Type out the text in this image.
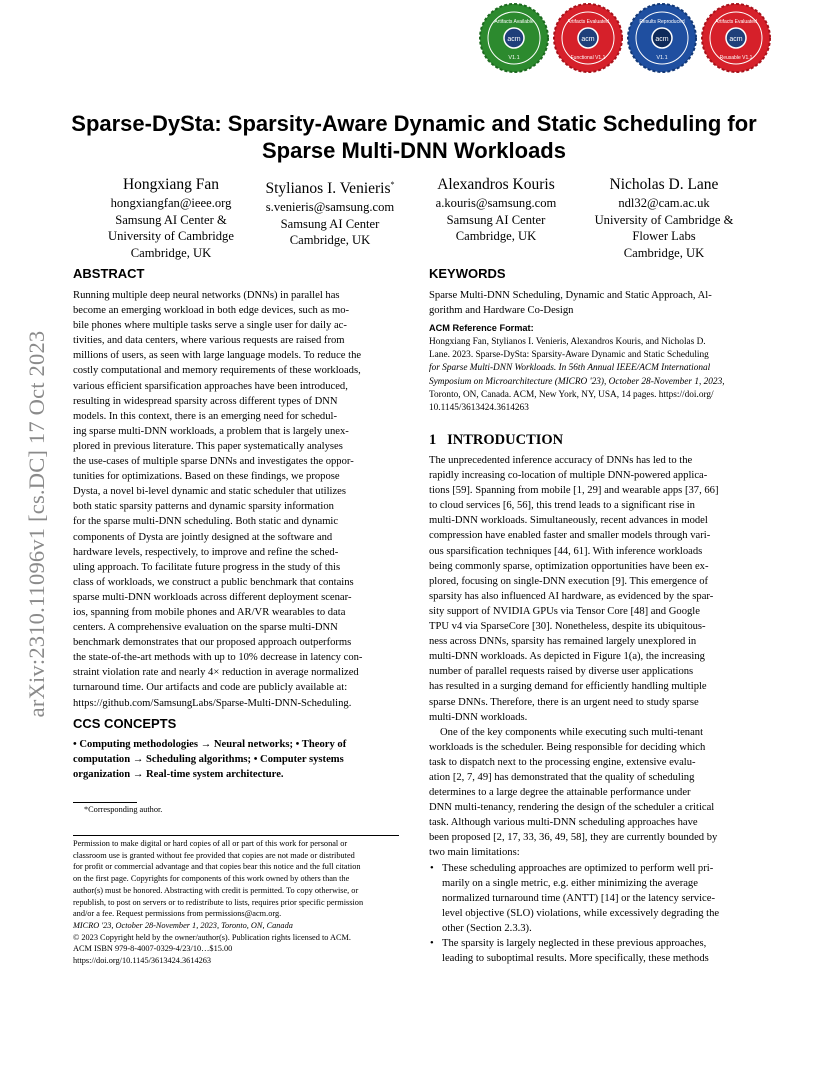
acm
Artifacts Available
V1.1
acm
Artifacts Evaluated
Functional V1.1
acm
Results Reproduced
V1.1
acm
Artifacts Evaluated
Reusable V1.1
arXiv:2310.11096v1 [cs.DC] 17 Oct 2023
Sparse-DySta: Sparsity-Aware Dynamic and Static Scheduling for
Sparse Multi-DNN Workloads
Hongxiang Fan
hongxiangfan@ieee.org
Samsung AI Center &
University of Cambridge
Cambridge, UK
Stylianos I. Venieris*
s.venieris@samsung.com
Samsung AI Center
Cambridge, UK
Alexandros Kouris
a.kouris@samsung.com
Samsung AI Center
Cambridge, UK
Nicholas D. Lane
ndl32@cam.ac.uk
University of Cambridge &
Flower Labs
Cambridge, UK
ABSTRACT
Running multiple deep neural networks (DNNs) in parallel has
become an emerging workload in both edge devices, such as mo-
bile phones where multiple tasks serve a single user for daily ac-
tivities, and data centers, where various requests are raised from
millions of users, as seen with large language models. To reduce the
costly computational and memory requirements of these workloads,
various efficient sparsification approaches have been introduced,
resulting in widespread sparsity across different types of DNN
models. In this context, there is an emerging need for schedul-
ing sparse multi-DNN workloads, a problem that is largely unex-
plored in previous literature. This paper systematically analyses
the use-cases of multiple sparse DNNs and investigates the oppor-
tunities for optimizations. Based on these findings, we propose
Dysta, a novel bi-level dynamic and static scheduler that utilizes
both static sparsity patterns and dynamic sparsity information
for the sparse multi-DNN scheduling. Both static and dynamic
components of Dysta are jointly designed at the software and
hardware levels, respectively, to improve and refine the sched-
uling approach. To facilitate future progress in the study of this
class of workloads, we construct a public benchmark that contains
sparse multi-DNN workloads across different deployment scenar-
ios, spanning from mobile phones and AR/VR wearables to data
centers. A comprehensive evaluation on the sparse multi-DNN
benchmark demonstrates that our proposed approach outperforms
the state-of-the-art methods with up to 10% decrease in latency con-
straint violation rate and nearly 4× reduction in average normalized
turnaround time. Our artifacts and code are publicly available at:
https://github.com/SamsungLabs/Sparse-Multi-DNN-Scheduling.
CCS CONCEPTS
• Computing methodologies → Neural networks; • Theory of
computation → Scheduling algorithms; • Computer systems
organization → Real-time system architecture.
*Corresponding author.
Permission to make digital or hard copies of all or part of this work for personal or
classroom use is granted without fee provided that copies are not made or distributed
for profit or commercial advantage and that copies bear this notice and the full citation
on the first page. Copyrights for components of this work owned by others than the
author(s) must be honored. Abstracting with credit is permitted. To copy otherwise, or
republish, to post on servers or to redistribute to lists, requires prior specific permission
and/or a fee. Request permissions from permissions@acm.org.
MICRO '23, October 28-November 1, 2023, Toronto, ON, Canada
© 2023 Copyright held by the owner/author(s). Publication rights licensed to ACM.
ACM ISBN 979-8-4007-0329-4/23/10…$15.00
https://doi.org/10.1145/3613424.3614263
KEYWORDS
Sparse Multi-DNN Scheduling, Dynamic and Static Approach, Al-
gorithm and Hardware Co-Design
ACM Reference Format:
Hongxiang Fan, Stylianos I. Venieris, Alexandros Kouris, and Nicholas D.
Lane. 2023. Sparse-DySta: Sparsity-Aware Dynamic and Static Scheduling
for Sparse Multi-DNN Workloads. In 56th Annual IEEE/ACM International
Symposium on Microarchitecture (MICRO '23), October 28-November 1, 2023,
Toronto, ON, Canada. ACM, New York, NY, USA, 14 pages. https://doi.org/
10.1145/3613424.3614263
1   INTRODUCTION
The unprecedented inference accuracy of DNNs has led to the
rapidly increasing co-location of multiple DNN-powered applica-
tions [59]. Spanning from mobile [1, 29] and wearable apps [37, 66]
to cloud services [6, 56], this trend leads to a significant rise in
multi-DNN workloads. Simultaneously, recent advances in model
compression have enabled faster and smaller models through vari-
ous sparsification techniques [44, 61]. With inference workloads
being commonly sparse, optimization opportunities have been ex-
plored, focusing on single-DNN execution [9]. This emergence of
sparsity has also influenced AI hardware, as evidenced by the spar-
sity support of NVIDIA GPUs via Tensor Core [48] and Google
TPU v4 via SparseCore [30]. Nonetheless, despite its ubiquitous-
ness across DNNs, sparsity has remained largely unexplored in
multi-DNN workloads. As depicted in Figure 1(a), the increasing
number of parallel requests raised by diverse user applications
has resulted in a surging demand for efficiently handling multiple
sparse DNNs. Therefore, there is an urgent need to study sparse
multi-DNN workloads.
One of the key components while executing such multi-tenant
workloads is the scheduler. Being responsible for deciding which
task to dispatch next to the processing engine, extensive evalu-
ation [2, 7, 49] has demonstrated that the quality of scheduling
determines to a large degree the attainable performance under
DNN multi-tenancy, rendering the design of the scheduler a critical
task. Although various multi-DNN scheduling approaches have
been proposed [2, 17, 33, 36, 49, 58], they are currently bounded by
two main limitations:
• These scheduling approaches are optimized to perform well pri-
marily on a single metric, e.g. either minimizing the average
normalized turnaround time (ANTT) [14] or the latency service-
level objective (SLO) violations, while excessively degrading the
other (Section 2.3.3).
• The sparsity is largely neglected in these previous approaches,
leading to suboptimal results. More specifically, these methods
